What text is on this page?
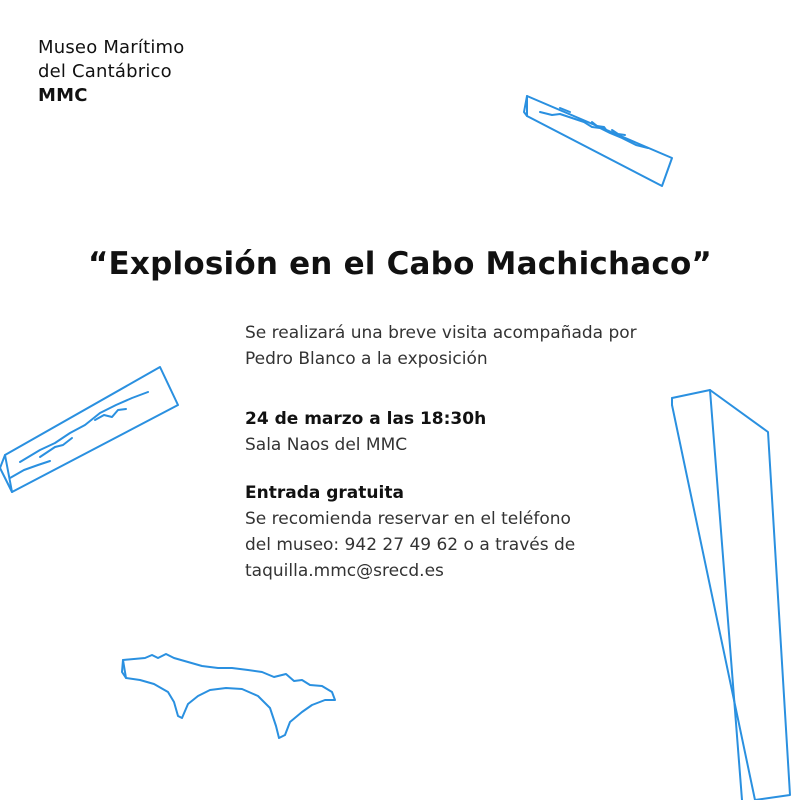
Museo Marítimo
del Cantábrico
MMC
“Explosión en el Cabo Machichaco”
Se realizará una breve visita acompañada por
Pedro Blanco a la exposición
24 de marzo a las 18:30h
Sala Naos del MMC
Entrada gratuita
Se recomienda reservar en el teléfono
del museo: 942 27 49 62 o a través de
taquilla.mmc@srecd.es
